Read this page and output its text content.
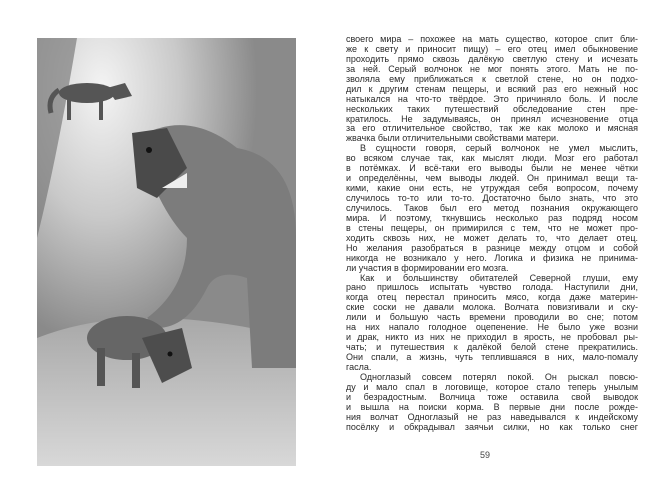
своего мира – похожее на мать существо, которое спит бли-
же к свету и приносит пищу) – его отец имел обыкновение
проходить прямо сквозь далёкую светлую стену и исчезать
за ней. Серый волчонок не мог понять этого. Мать не по-
зволяла ему приближаться к светлой стене, но он подхо-
дил к другим стенам пещеры, и всякий раз его нежный нос
натыкался на что-то твёрдое. Это причиняло боль. И после
нескольких таких путешествий обследование стен пре-
кратилось. Не задумываясь, он принял исчезновение отца
за его отличительное свойство, так же как молоко и мясная
жвачка были отличительными свойствами матери.
В сущности говоря, серый волчонок не умел мыслить,
во всяком случае так, как мыслят люди. Мозг его работал
в потёмках. И всё-таки его выводы были не менее чётки
и определённы, чем выводы людей. Он принимал вещи та-
кими, какие они есть, не утруждая себя вопросом, почему
случилось то-то или то-то. Достаточно было знать, что это
случилось. Таков был его метод познания окружающего
мира. И поэтому, ткнувшись несколько раз подряд носом
в стены пещеры, он примирился с тем, что не может про-
ходить сквозь них, не может делать то, что делает отец.
Но желания разобраться в разнице между отцом и собой
никогда не возникало у него. Логика и физика не принима-
ли участия в формировании его мозга.
Как и большинству обитателей Северной глуши, ему
рано пришлось испытать чувство голода. Наступили дни,
когда отец перестал приносить мясо, когда даже материн-
ские соски не давали молока. Волчата повизгивали и ску-
лили и большую часть времени проводили во сне; потом
на них напало голодное оцепенение. Не было уже возни
и драк, никто из них не приходил в ярость, не пробовал ры-
чать; и путешествия к далёкой белой стене прекратились.
Они спали, а жизнь, чуть теплившаяся в них, мало-помалу
гасла.
Одноглазый совсем потерял покой. Он рыскал повсю-
ду и мало спал в логовище, которое стало теперь унылым
и безрадостным. Волчица тоже оставила свой выводок
и вышла на поиски корма. В первые дни после рожде-
ния волчат Одноглазый не раз наведывался к индейскому
посёлку и обкрадывал заячьи силки, но как только снег
59
